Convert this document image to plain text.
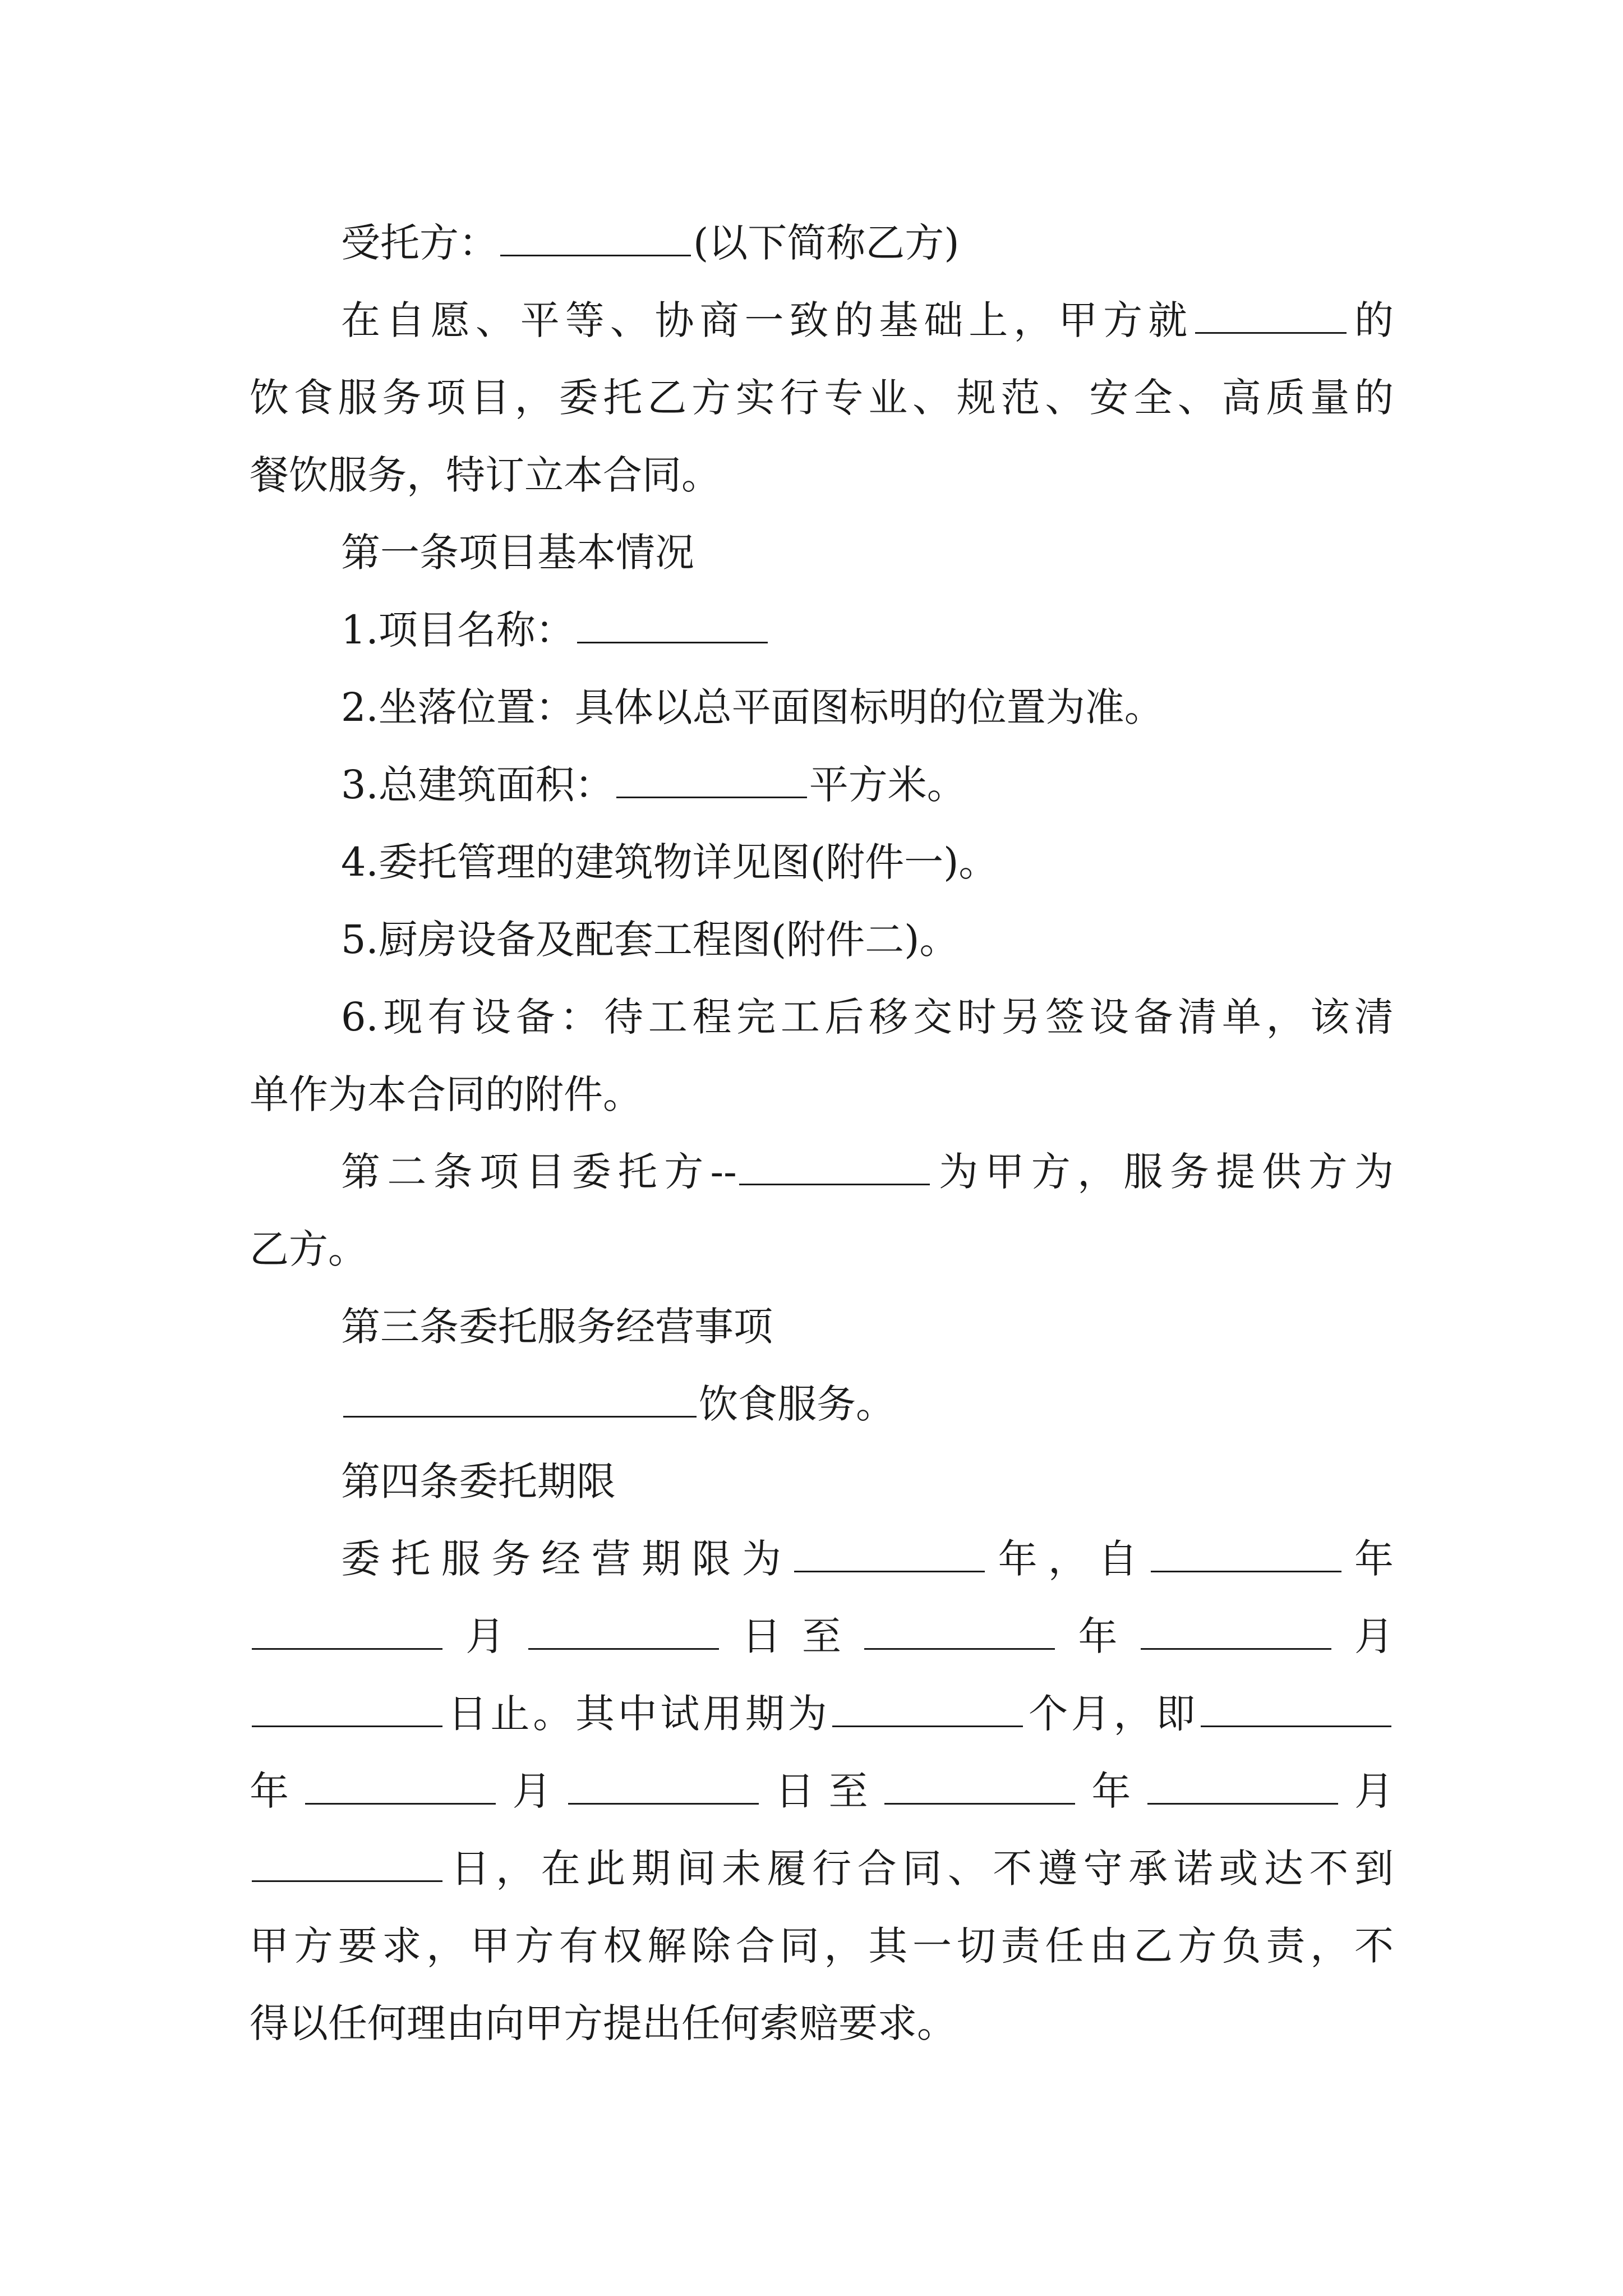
受托方：	(以下简称乙方)
在自愿、平等、协商一致的基础上，甲方就	的
饮食服务项目，委托乙方实行专业、规范、安全、高质量的
餐饮服务，特订立本合同。
第一条项目基本情况
1.项目名称：
2.坐落位置：具体以总平面图标明的位置为准。
3.总建筑面积：	平方米。
4.委托管理的建筑物详见图(附件一)。
5.厨房设备及配套工程图(附件二)。
6.现有设备：待工程完工后移交时另签设备清单，该清
单作为本合同的附件。
第二条项目委托方--	为甲方，服务提供方为
乙方。
第三条委托服务经营事项
饮食服务。
第四条委托期限
委托服务经营期限为	年，自	年
月	日至	年	月
日止。其中试用期为	个月，即
年	月	日至	年	月
日，在此期间未履行合同、不遵守承诺或达不到
甲方要求，甲方有权解除合同，其一切责任由乙方负责，不
得以任何理由向甲方提出任何索赔要求。
